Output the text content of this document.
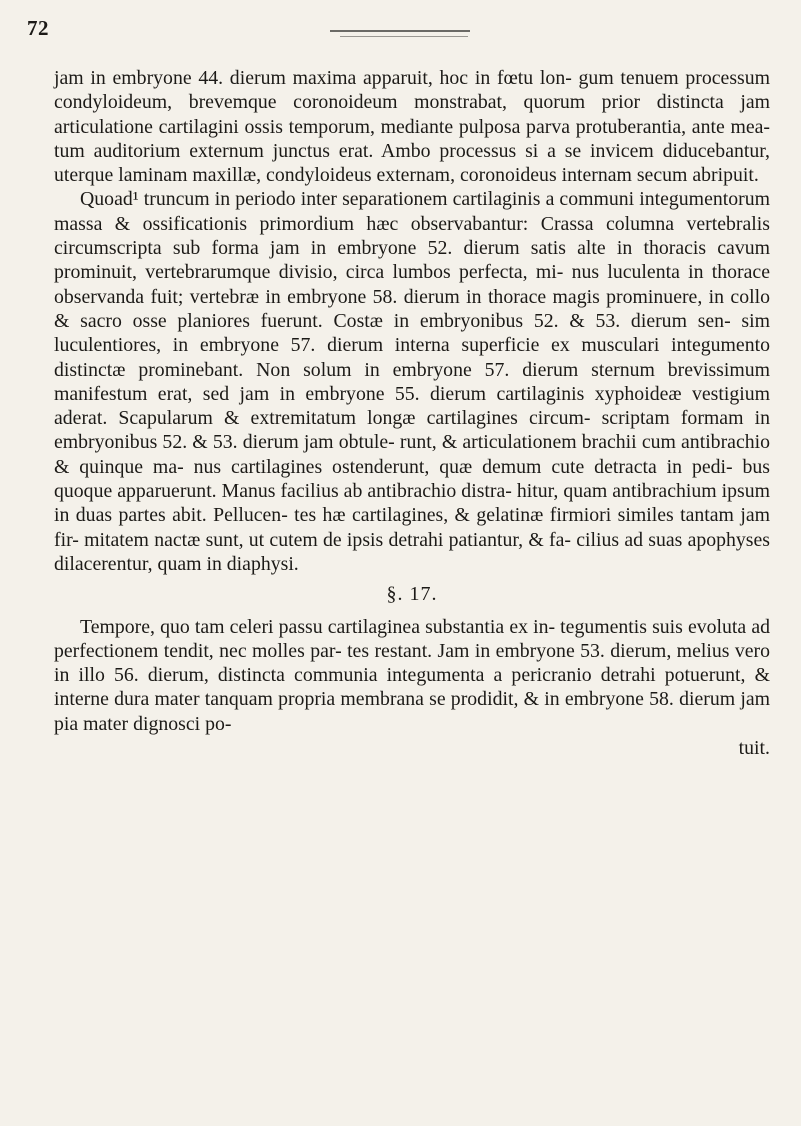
72

jam in embryone 44. dierum maxima apparuit, hoc in fœtu lon- gum tenuem processum condyloideum, brevemque coronoideum monstrabat, quorum prior distincta jam articulatione cartilagini ossis temporum, mediante pulposa parva protuberantia, ante mea- tum auditorium externum junctus erat. Ambo processus si a se invicem diducebantur, uterque laminam maxillæ, condyloideus externam, coronoideus internam secum abripuit.

Quoad¹ truncum in periodo inter separationem cartilaginis a communi integumentorum massa & ossificationis primordium hæc observabantur: Crassa columna vertebralis circumscripta sub forma jam in embryone 52. dierum satis alte in thoracis cavum prominuit, vertebrarumque divisio, circa lumbos perfecta, mi- nus luculenta in thorace observanda fuit; vertebræ in embryone 58. dierum in thorace magis prominuere, in collo & sacro osse planiores fuerunt. Costæ in embryonibus 52. & 53. dierum sen- sim luculentiores, in embryone 57. dierum interna superficie ex musculari integumento distinctæ prominebant. Non solum in embryone 57. dierum sternum brevissimum manifestum erat, sed jam in embryone 55. dierum cartilaginis xyphoideæ vestigium aderat. Scapularum & extremitatum longæ cartilagines circum- scriptam formam in embryonibus 52. & 53. dierum jam obtule- runt, & articulationem brachii cum antibrachio & quinque ma- nus cartilagines ostenderunt, quæ demum cute detracta in pedi- bus quoque apparuerunt. Manus facilius ab antibrachio distra- hitur, quam antibrachium ipsum in duas partes abit. Pellucen- tes hæ cartilagines, & gelatinæ firmiori similes tantam jam fir- mitatem nactæ sunt, ut cutem de ipsis detrahi patiantur, & fa- cilius ad suas apophyses dilacerentur, quam in diaphysi.

§. 17.

Tempore, quo tam celeri passu cartilaginea substantia ex in- tegumentis suis evoluta ad perfectionem tendit, nec molles par- tes restant. Jam in embryone 53. dierum, melius vero in illo 56. dierum, distincta communia integumenta a pericranio detrahi potuerunt, & interne dura mater tanquam propria membrana se prodidit, & in embryone 58. dierum jam pia mater dignosci po-

tuit.
